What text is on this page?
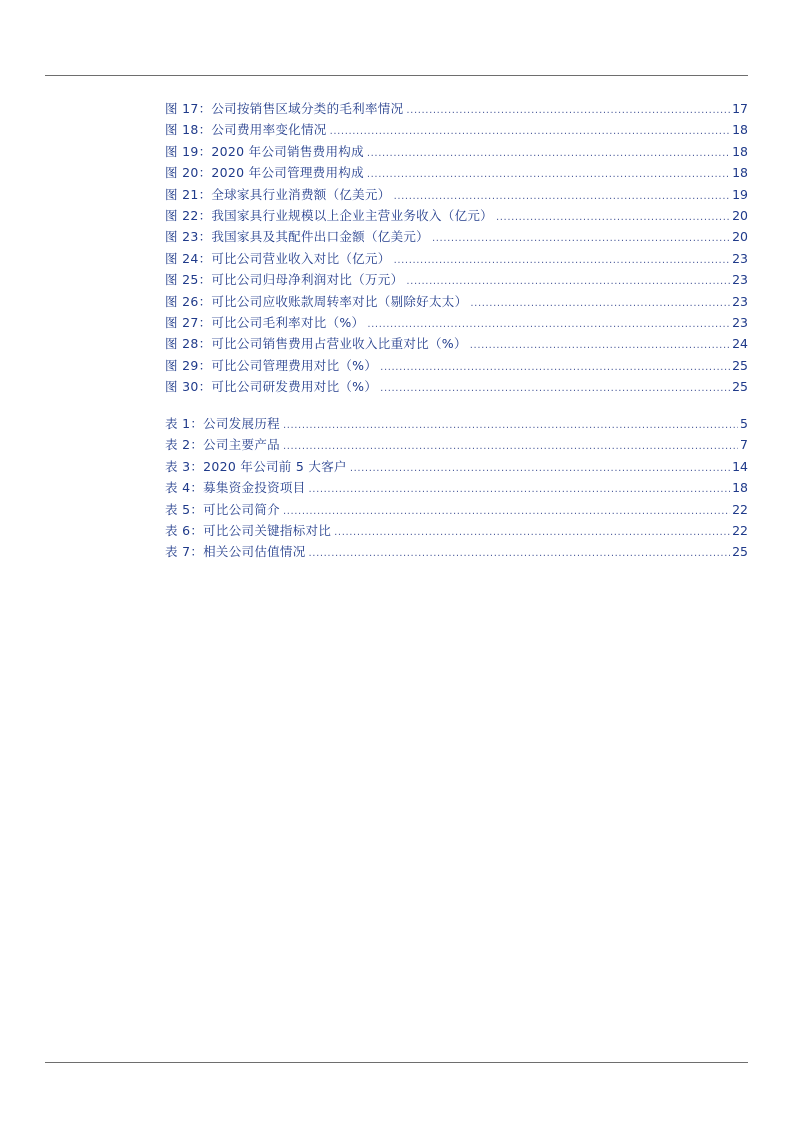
图 17：公司按销售区域分类的毛利率情况 .....	17
图 18：公司费用率变化情况 .....	18
图 19：2020 年公司销售费用构成 .....	18
图 20：2020 年公司管理费用构成 .....	18
图 21：全球家具行业消费额（亿美元） .....	19
图 22：我国家具行业规模以上企业主营业务收入（亿元） .....	20
图 23：我国家具及其配件出口金额（亿美元） .....	20
图 24：可比公司营业收入对比（亿元） .....	23
图 25：可比公司归母净利润对比（万元） .....	23
图 26：可比公司应收账款周转率对比（剔除好太太） .....	23
图 27：可比公司毛利率对比（%） .....	23
图 28：可比公司销售费用占营业收入比重对比（%） .....	24
图 29：可比公司管理费用对比（%） .....	25
图 30：可比公司研发费用对比（%） .....	25
表 1：公司发展历程 .....	5
表 2：公司主要产品 .....	7
表 3：2020 年公司前 5 大客户 .....	14
表 4：募集资金投资项目 .....	18
表 5：可比公司简介 .....	22
表 6：可比公司关键指标对比 .....	22
表 7：相关公司估值情况 .....	25
